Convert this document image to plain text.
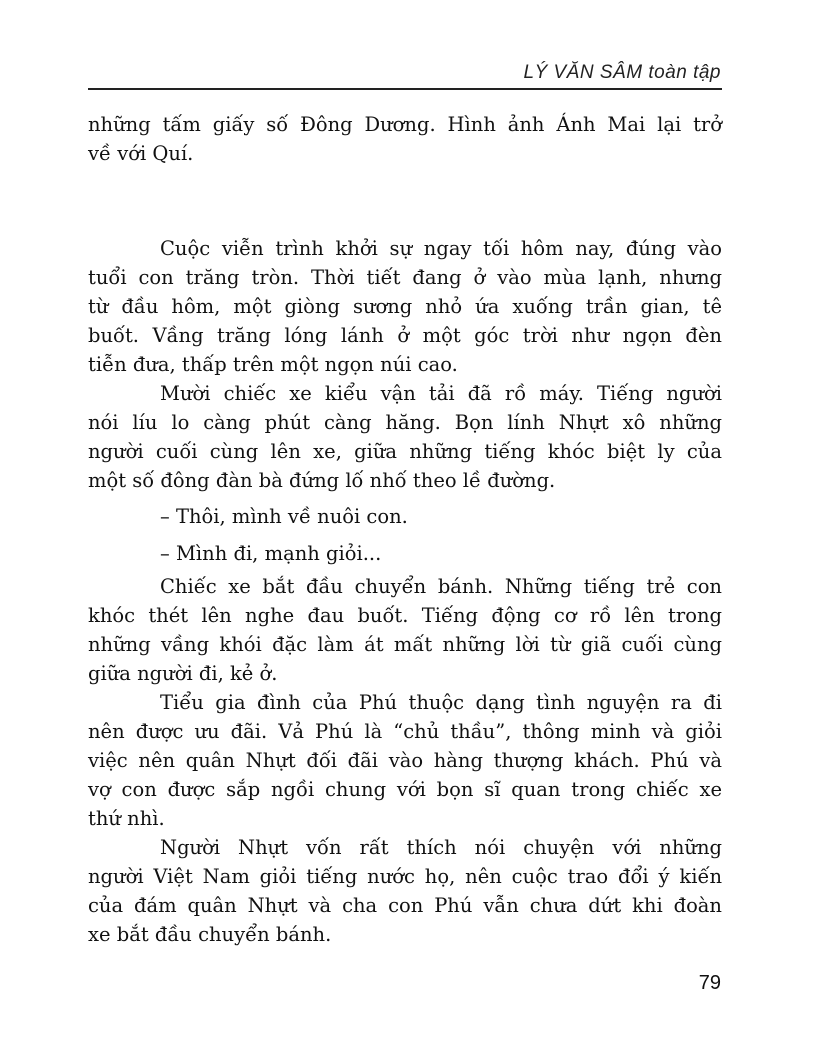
LÝ VĂN SÂM toàn tập
những tấm giấy số Đông Dương. Hình ảnh Ánh Mai lại trở
về với Quí.
Cuộc viễn trình khởi sự ngay tối hôm nay, đúng vào
tuổi con trăng tròn. Thời tiết đang ở vào mùa lạnh, nhưng
từ đầu hôm, một giòng sương nhỏ ứa xuống trần gian, tê
buốt. Vầng trăng lóng lánh ở một góc trời như ngọn đèn
tiễn đưa, thấp trên một ngọn núi cao.
Mười chiếc xe kiểu vận tải đã rồ máy. Tiếng người
nói líu lo càng phút càng hăng. Bọn lính Nhựt xô những
người cuối cùng lên xe, giữa những tiếng khóc biệt ly của
một số đông đàn bà đứng lố nhố theo lề đường.
– Thôi, mình về nuôi con.
– Mình đi, mạnh giỏi...
Chiếc xe bắt đầu chuyển bánh. Những tiếng trẻ con
khóc thét lên nghe đau buốt. Tiếng động cơ rồ lên trong
những vầng khói đặc làm át mất những lời từ giã cuối cùng
giữa người đi, kẻ ở.
Tiểu gia đình của Phú thuộc dạng tình nguyện ra đi
nên được ưu đãi. Vả Phú là “chủ thầu”, thông minh và giỏi
việc nên quân Nhựt đối đãi vào hàng thượng khách. Phú và
vợ con được sắp ngồi chung với bọn sĩ quan trong chiếc xe
thứ nhì.
Người Nhựt vốn rất thích nói chuyện với những
người Việt Nam giỏi tiếng nước họ, nên cuộc trao đổi ý kiến
của đám quân Nhựt và cha con Phú vẫn chưa dứt khi đoàn
xe bắt đầu chuyển bánh.
79
